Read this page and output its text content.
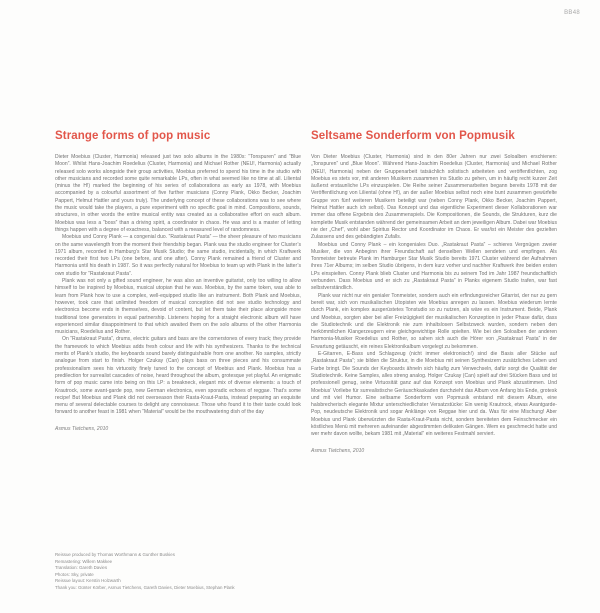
BB48
Strange forms of pop music

Dieter Moebius (Cluster, Harmonia) released just two solo albums in the 1980s: “Tonspuren” and “Blue Moon”. Whilst Hans-Joachim Roedelius (Cluster, Harmonia) and Michael Rother (NEU!, Harmonia) actually released solo works alongside their group activities, Moebius preferred to spend his time in the studio with other musicians and recorded some quite remarkable LPs, often in what seemed like no time at all. Liliental (minus the H!) marked the beginning of his series of collaborations as early as 1978, with Moebius accompanied by a colourful assortment of five further musicians (Conny Plank, Okko Becker, Joachim Pappert, Helmut Hattler and yours truly). The underlying concept of these collaborations was to see where the music would take the players, a pure experiment with no specific goal in mind. Compositions, sounds, structures, in other words the entire musical entity was created as a collaborative effort on each album. Moebius was less a “boss” than a driving spirit, a coordinator in chaos. He was and is a master of letting things happen with a degree of exactness, balanced with a measured level of randomness.

Moebius und Conny Plank — a congenial duo. “Rastakraut Pasta” — the sheer pleasure of two musicians on the same wavelength from the moment their friendship began. Plank was the studio engineer for Cluster’s 1971 album, recorded in Hamburg’s Star Musik Studio; the same studio, incidentally, in which Kraftwerk recorded their first two LPs (one before, and one after). Conny Plank remained a friend of Cluster and Harmonia until his death in 1987. So it was perfectly natural for Moebius to team up with Plank in the latter’s own studio for “Rastakraut Pasta”.

Plank was not only a gifted sound engineer, he was also an inventive guitarist, only too willing to allow himself to be inspired by Moebius, musical utopian that he was. Moebius, by the same token, was able to learn from Plank how to use a complex, well-equipped studio like an instrument. Both Plank and Moebius, however, took care that unlimited freedom of musical conception did not see studio technology and electronics become ends in themselves, devoid of content, but let them take their place alongside more traditional tone generators in equal partnership. Listeners hoping for a straight electronic album will have experienced similar disappointment to that which awaited them on the solo albums of the other Harmonia musicians, Roedelius and Rother.

On “Rastakraut Pasta”, drums, electric guitars and bass are the cornerstones of every track; they provide the framework to which Moebius adds fresh colour and life with his synthesizers. Thanks to the technical merits of Plank’s studio, the keyboards sound barely distinguishable from one another. No samples, strictly analogue from start to finish. Holger Czukay (Can) plays bass on three pieces and his consummate professionalism sees his virtuosity finely tuned to the concept of Moebius and Plank. Moebius has a predilection for surrealist cascades of noise, heard throughout the album, grotesque yet playful. An enigmatic form of pop music came into being on this LP: a breakneck, elegant mix of diverse elements: a touch of Krautrock, some avant-garde pop, new German electronica, even sporadic echoes of reggae. That’s some recipe! But Moebius and Plank did not overseason their Rasta-Kraut-Pasta, instead preparing an exquisite menu of several delectable courses to delight any connoisseur. Those who found it to their taste could look forward to another feast in 1981 when “Material” would be the mouthwatering dish of the day

Asmus Tietchens, 2010

Seltsame Sonderform von Popmusik

Von Dieter Moebius (Cluster, Harmonia) sind in den 80er Jahren nur zwei Soloalben erschienen: „Tonspuren“ und „Blue Moon“. Während Hans-Joachim Roedelius (Cluster, Harmonia) und Michael Rother (NEU!, Harmonia) neben der Gruppenarbeit tatsächlich solistisch arbeiteten und veröffentlichten, zog Moebius es stets vor, mit anderen Musikern zusammen ins Studio zu gehen, um in häufig recht kurzer Zeit äußerst erstaunliche LPs einzuspielen. Die Reihe seiner Zusammenarbeiten begann bereits 1978 mit der Veröffentlichung von Liliental (ohne H!), an der außer Moebius selbst noch eine bunt zusammen gewürfelte Gruppe von fünf weiteren Musikern beteiligt war (neben Conny Plank, Okko Becker, Joachim Pappert, Helmut Hattler auch ich selbst). Das Konzept und das eigentliche Experiment dieser Kollaborationen war immer das offene Ergebnis des Zusammenspiels. Die Kompositionen, die Sounds, die Strukturen, kurz die komplette Musik entstanden während der gemeinsamen Arbeit an dem jeweiligen Album. Dabei war Moebius nie der „Chef“, wohl aber Spiritus Rector und Koordinator im Chaos. Er war/ist ein Meister des gezielten Zulassens und des gebändigten Zufalls.

Moebius und Conny Plank – ein kongeniales Duo. „Rastakraut Pasta“ – schieres Vergnügen zweier Musiker, die von Anbeginn ihrer Freundschaft auf denselben Wellen sendeten und empfingen. Als Tonmeister betreute Plank im Hamburger Star Musik Studio bereits 1971 Cluster während der Aufnahmen ihres 71er Albums; im selben Studio übrigens, in dem kurz vorher und nachher Kraftwerk ihre beiden ersten LPs einspielten. Conny Plank blieb Cluster und Harmonia bis zu seinem Tod im Jahr 1987 freundschaftlich verbunden. Dass Moebius und er sich zu „Rastakraut Pasta“ in Planks eigenem Studio trafen, war fast selbstverständlich.

Plank war nicht nur ein genialer Tonmeister, sondern auch ein erfindungsreicher Gitarrist, der nur zu gern bereit war, sich von musikalischen Utopisten wie Moebius anregen zu lassen. Moebius wiederum lernte durch Plank, ein komplex ausgerüstetes Tonstudio so zu nutzen, als wäre es ein Instrument. Beide, Plank und Moebius, sorgten aber bei aller Freizügigkeit der musikalischen Konzeption in jeder Phase dafür, dass die Studiotechnik und die Elektronik nie zum inhaltslosen Selbstzweck wurden, sondern neben den herkömmlichen Klangerzeugern eine gleichgewichtige Rolle spielten. Wie bei den Soloalben der anderen Harmonia-Musiker Roedelius und Rother, so sahen sich auch die Hörer von „Rastakraut Pasta“ in der Erwartung getäuscht, ein reines Elektronikalbum vorgelegt zu bekommen.

E-Gitarren, E-Bass und Schlagzeug (nicht immer elektronisch!) sind die Basis aller Stücke auf „Rastakraut Pasta“; sie bilden die Struktur, in die Moebius mit seinen Synthesizern zusätzliches Leben und Farbe bringt. Die Sounds der Keyboards ähneln sich häufig zum Verwechseln, dafür sorgt die Qualität der Studiotechnik. Keine Samples, alles streng analog. Holger Czukay (Can) spielt auf drei Stücken Bass und ist professionell genug, seine Virtuosität ganz auf das Konzept von Moebius und Plank abzustimmen. Und Moebius’ Vorliebe für surrealistische Geräuschkaskaden durchzieht das Album von Anfang bis Ende, grotesk und mit viel Humor. Eine seltsame Sonderform von Popmusik entstand mit diesem Album, eine halsbrecherisch elegante Mixtur unterschiedlichster Versatzstücke: Ein wenig Krautrock, etwas Avantgarde-Pop, neudeutsche Elektronik und sogar Anklänge von Reggae hier und da. Was für eine Mischung! Aber Moebius und Plank überwürzten die Rasta-Kraut-Pasta nicht, sondern bereiteten dem Feinschmecker ein köstliches Menü mit mehreren aufeinander abgestimmten delikaten Gängen. Wem es geschmeckt hatte und wer mehr davon wollte, bekam 1981 mit „Material“ ein weiteres Festmahl serviert.

Asmus Tietchens, 2010

Reissue produced by Thomas Worthmann & Gunther Buskies
Remastering: Willem Makkee
Translation: Gareth Davies
Photos: Sky, private
Reissue layout: Kerstin Holzwarth
Thank you: Günter Körber, Asmus Tietchens, Gareth Davies, Dieter Moebius, Stephan Plank
